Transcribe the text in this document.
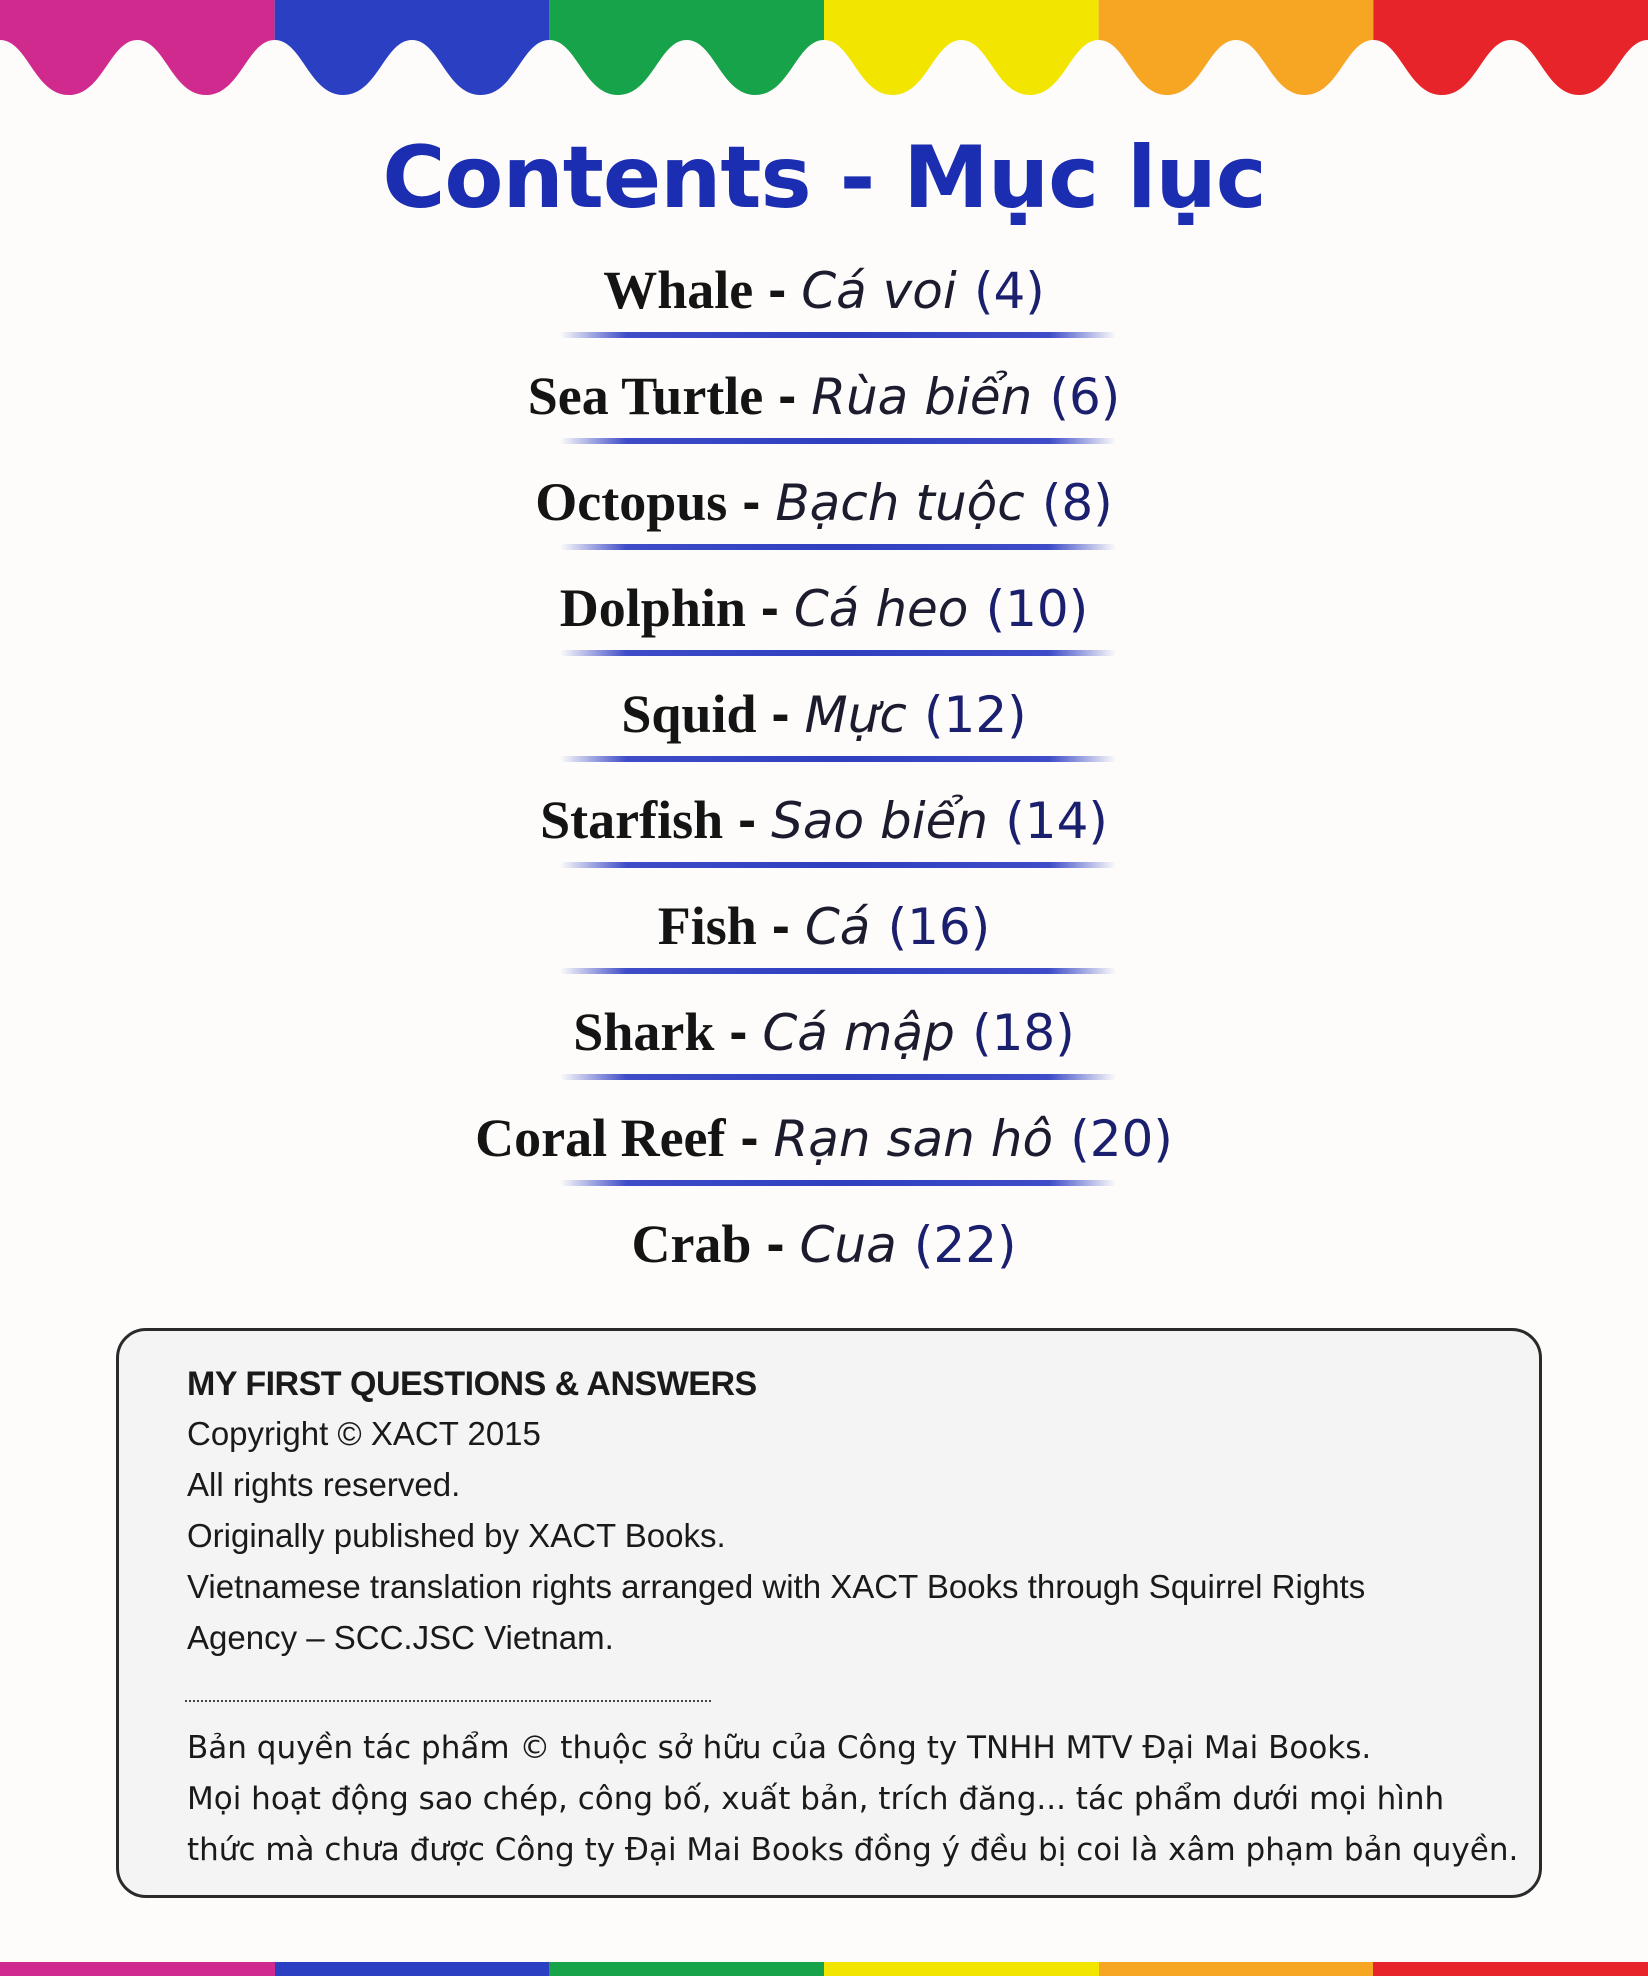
Contents - Mục lục
Whale - Cá voi (4)
Sea Turtle - Rùa biển (6)
Octopus - Bạch tuộc (8)
Dolphin - Cá heo (10)
Squid - Mực (12)
Starfish - Sao biển (14)
Fish - Cá (16)
Shark - Cá mập (18)
Coral Reef - Rạn san hô (20)
Crab - Cua (22)
MY FIRST QUESTIONS & ANSWERS
Copyright © XACT 2015
All rights reserved.
Originally published by XACT Books.
Vietnamese translation rights arranged with XACT Books through Squirrel Rights
Agency – SCC.JSC Vietnam.
Bản quyền tác phẩm © thuộc sở hữu của Công ty TNHH MTV Đại Mai Books.
Mọi hoạt động sao chép, công bố, xuất bản, trích đăng... tác phẩm dưới mọi hình
thức mà chưa được Công ty Đại Mai Books đồng ý đều bị coi là xâm phạm bản quyền.
